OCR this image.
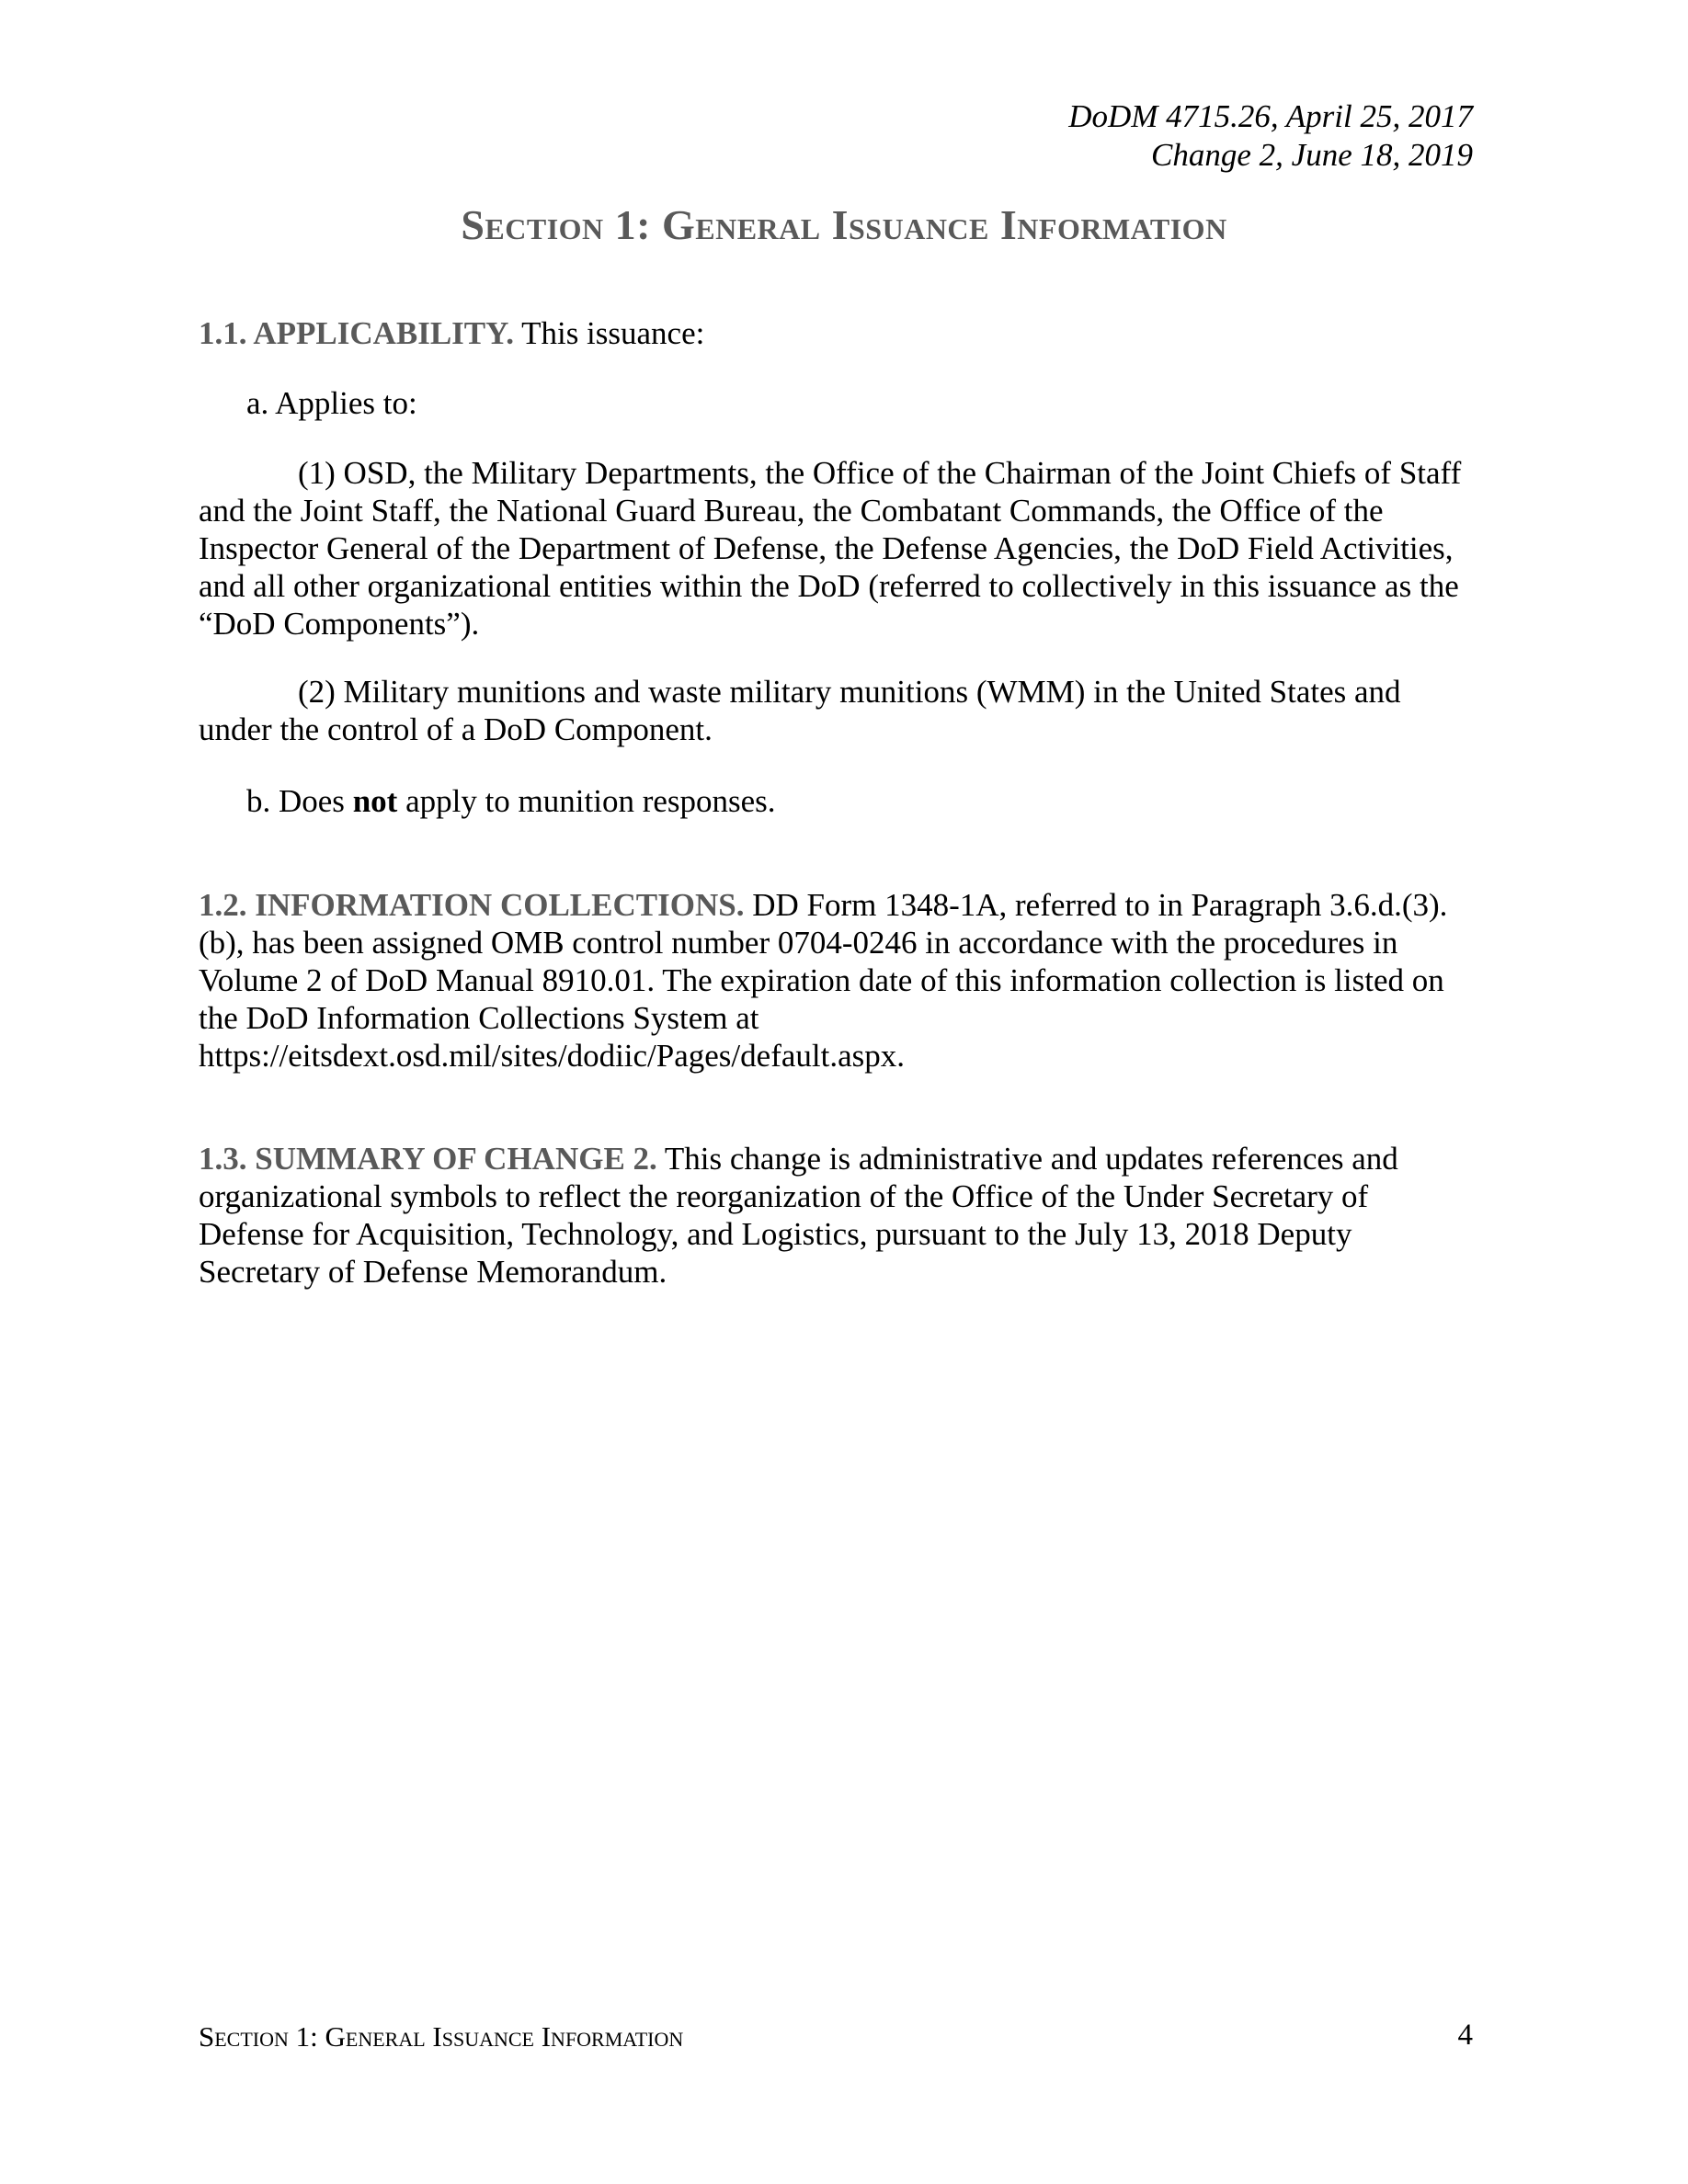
DoDM 4715.26, April 25, 2017
Change 2, June 18, 2019
Section 1: General Issuance Information

1.1. APPLICABILITY. This issuance:

a. Applies to:

(1) OSD, the Military Departments, the Office of the Chairman of the Joint Chiefs of Staff and the Joint Staff, the National Guard Bureau, the Combatant Commands, the Office of the Inspector General of the Department of Defense, the Defense Agencies, the DoD Field Activities, and all other organizational entities within the DoD (referred to collectively in this issuance as the “DoD Components”).

(2) Military munitions and waste military munitions (WMM) in the United States and under the control of a DoD Component.

b. Does not apply to munition responses.

1.2. INFORMATION COLLECTIONS. DD Form 1348-1A, referred to in Paragraph 3.6.d.(3).(b), has been assigned OMB control number 0704-0246 in accordance with the procedures in Volume 2 of DoD Manual 8910.01. The expiration date of this information collection is listed on the DoD Information Collections System at https://eitsdext.osd.mil/sites/dodiic/Pages/default.aspx.

1.3. SUMMARY OF CHANGE 2. This change is administrative and updates references and organizational symbols to reflect the reorganization of the Office of the Under Secretary of Defense for Acquisition, Technology, and Logistics, pursuant to the July 13, 2018 Deputy Secretary of Defense Memorandum.

Section 1: General Issuance Information	4
